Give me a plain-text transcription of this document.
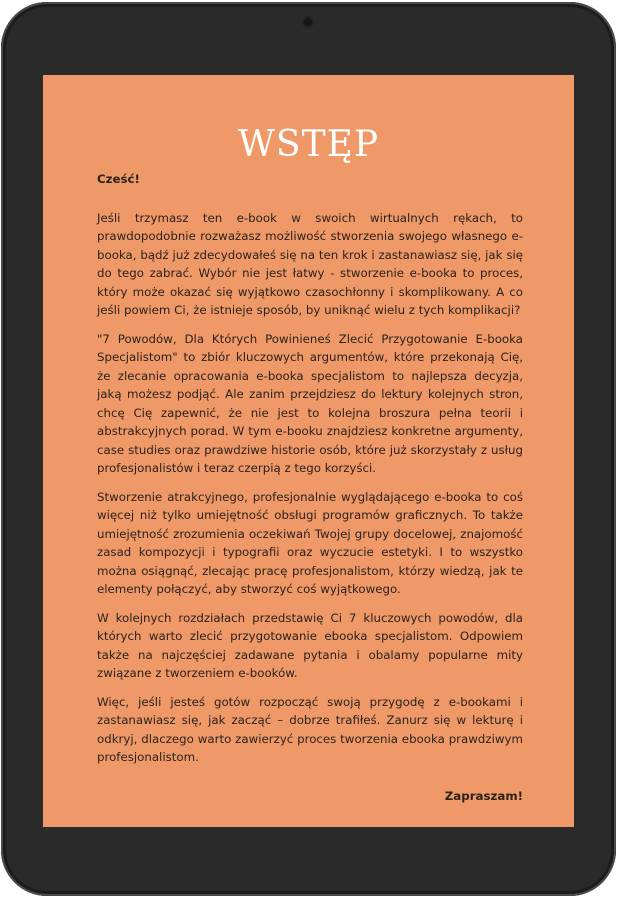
WSTĘP

Cześć!

Jeśli trzymasz ten e-book w swoich wirtualnych rękach, to prawdopodobnie rozważasz możliwość stworzenia swojego własnego e-booka, bądź już zdecydowałeś się na ten krok i zastanawiasz się, jak się do tego zabrać. Wybór nie jest łatwy - stworzenie e-booka to proces, który może okazać się wyjątkowo czasochłonny i skomplikowany. A co jeśli powiem Ci, że istnieje sposób, by uniknąć wielu z tych komplikacji?

"7 Powodów, Dla Których Powinieneś Zlecić Przygotowanie E-booka Specjalistom" to zbiór kluczowych argumentów, które przekonają Cię, że zlecanie opracowania e-booka specjalistom to najlepsza decyzja, jaką możesz podjąć. Ale zanim przejdziesz do lektury kolejnych stron, chcę Cię zapewnić, że nie jest to kolejna broszura pełna teorii i abstrakcyjnych porad. W tym e-booku znajdziesz konkretne argumenty, case studies oraz prawdziwe historie osób, które już skorzystały z usług profesjonalistów i teraz czerpią z tego korzyści.

Stworzenie atrakcyjnego, profesjonalnie wyglądającego e-booka to coś więcej niż tylko umiejętność obsługi programów graficznych. To także umiejętność zrozumienia oczekiwań Twojej grupy docelowej, znajomość zasad kompozycji i typografii oraz wyczucie estetyki. I to wszystko można osiągnąć, zlecając pracę profesjonalistom, którzy wiedzą, jak te elementy połączyć, aby stworzyć coś wyjątkowego.

W kolejnych rozdziałach przedstawię Ci 7 kluczowych powodów, dla których warto zlecić przygotowanie ebooka specjalistom. Odpowiem także na najczęściej zadawane pytania i obalamy popularne mity związane z tworzeniem e-booków.

Więc, jeśli jesteś gotów rozpocząć swoją przygodę z e-bookami i zastanawiasz się, jak zacząć – dobrze trafiłeś. Zanurz się w lekturę i odkryj, dlaczego warto zawierzyć proces tworzenia ebooka prawdziwym profesjonalistom.

Zapraszam!
